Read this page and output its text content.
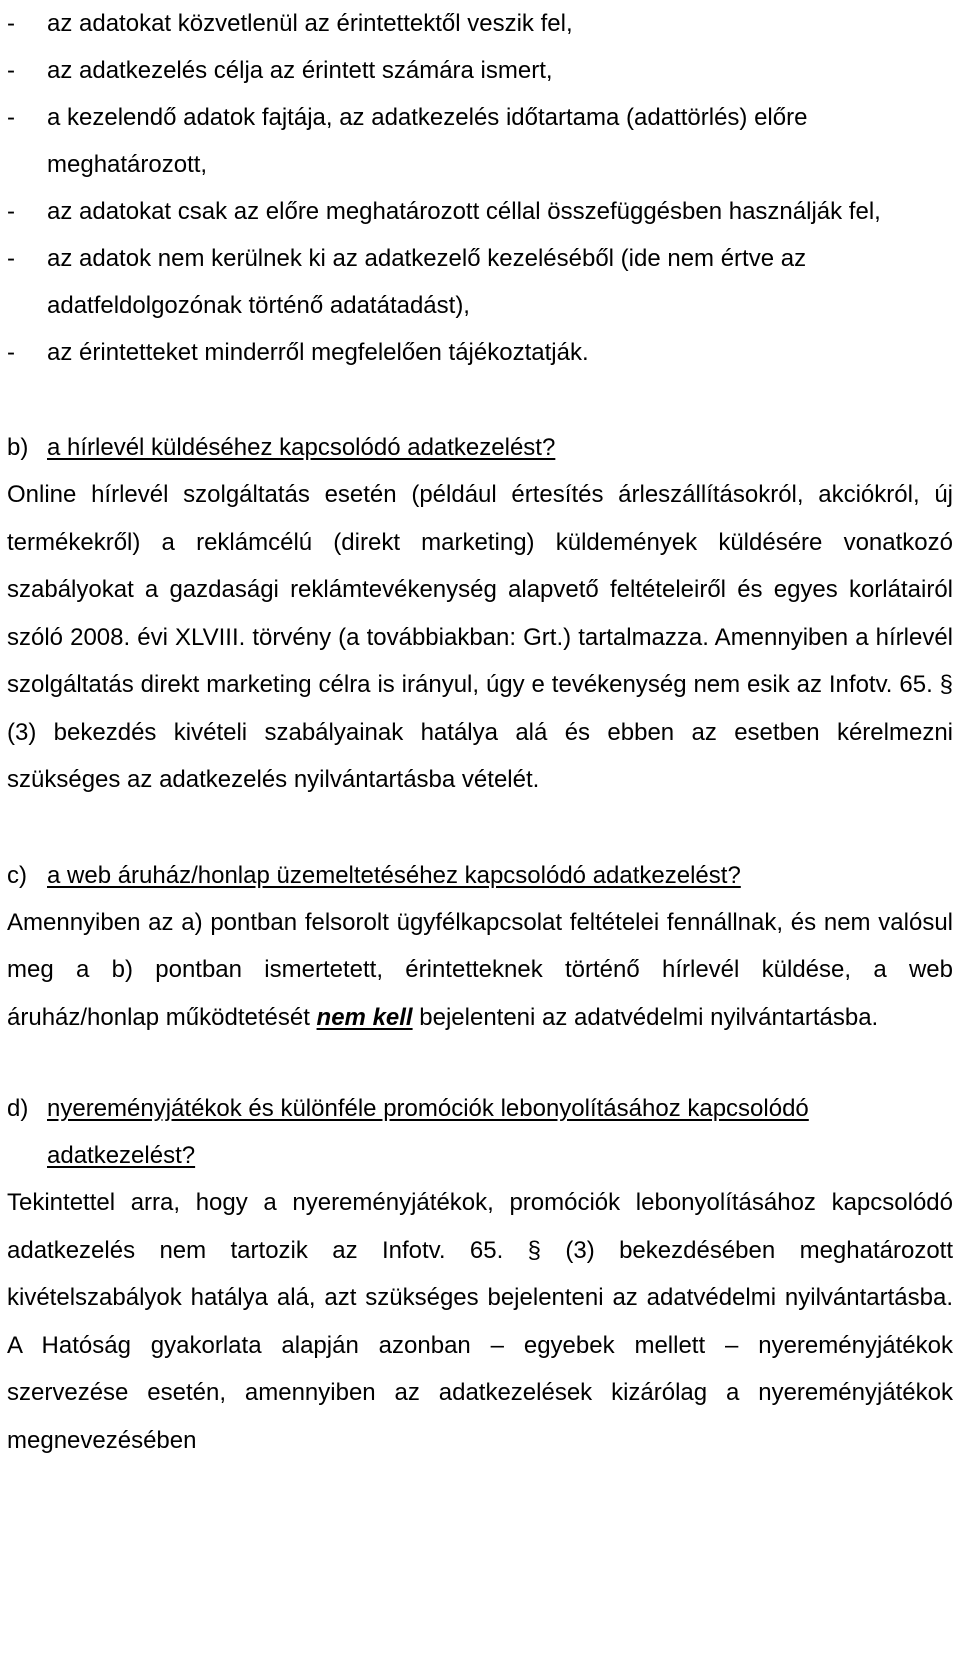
- az adatokat közvetlenül az érintettektől veszik fel,

- az adatkezelés célja az érintett számára ismert,

- a kezelendő adatok fajtája, az adatkezelés időtartama (adattörlés) előre meghatározott,

- az adatokat csak az előre meghatározott céllal összefüggésben használják fel,

- az adatok nem kerülnek ki az adatkezelő kezeléséből (ide nem értve az adatfeldolgozónak történő adatátadást),

- az érintetteket minderről megfelelően tájékoztatják.

b) a hírlevél küldéséhez kapcsolódó adatkezelést?

Online hírlevél szolgáltatás esetén (például értesítés árleszállításokról, akciókról, új termékekről) a reklámcélú (direkt marketing) küldemények küldésére vonatkozó szabályokat a gazdasági reklámtevékenység alapvető feltételeiről és egyes korlátairól szóló 2008. évi XLVIII. törvény (a továbbiakban: Grt.) tartalmazza. Amennyiben a hírlevél szolgáltatás direkt marketing célra is irányul, úgy e tevékenység nem esik az Infotv. 65. § (3) bekezdés kivételi szabályainak hatálya alá és ebben az esetben kérelmezni szükséges az adatkezelés nyilvántartásba vételét.

c) a web áruház/honlap üzemeltetéséhez kapcsolódó adatkezelést?

Amennyiben az a) pontban felsorolt ügyfélkapcsolat feltételei fennállnak, és nem valósul meg a b) pontban ismertetett, érintetteknek történő hírlevél küldése, a web áruház/honlap működtetését nem kell bejelenteni az adatvédelmi nyilvántartásba.

d) nyereményjátékok és különféle promóciók lebonyolításához kapcsolódó adatkezelést?

Tekintettel arra, hogy a nyereményjátékok, promóciók lebonyolításához kapcsolódó adatkezelés nem tartozik az Infotv. 65. § (3) bekezdésében meghatározott kivételszabályok hatálya alá, azt szükséges bejelenteni az adatvédelmi nyilvántartásba. A Hatóság gyakorlata alapján azonban – egyebek mellett – nyereményjátékok szervezése esetén, amennyiben az adatkezelések kizárólag a nyereményjátékok megnevezésében
